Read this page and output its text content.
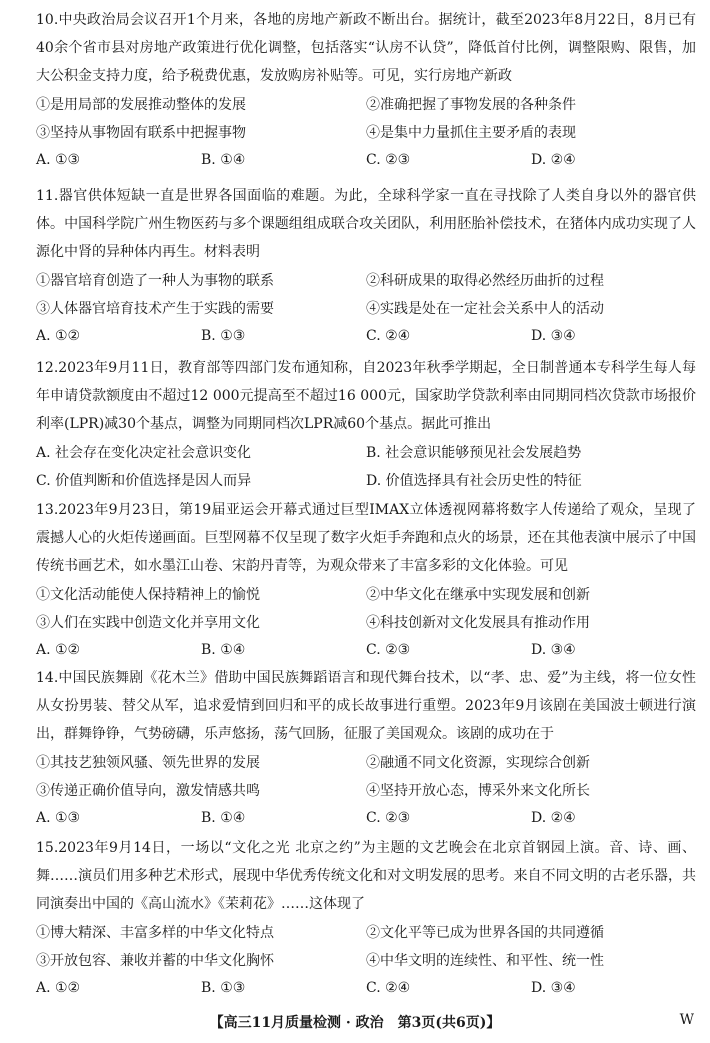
10.中央政治局会议召开1个月来，各地的房地产新政不断出台。据统计，截至2023年8月22日，8月已有40余个省市县对房地产政策进行优化调整，包括落实“认房不认贷”，降低首付比例，调整限购、限售，加大公积金支持力度，给予税费优惠，发放购房补贴等。可见，实行房地产新政
①是用局部的发展推动整体的发展	②准确把握了事物发展的各种条件
③坚持从事物固有联系中把握事物	④是集中力量抓住主要矛盾的表现
A. ①③	B. ①④	C. ②③	D. ②④
11.器官供体短缺一直是世界各国面临的难题。为此，全球科学家一直在寻找除了人类自身以外的器官供体。中国科学院广州生物医药与多个课题组组成联合攻关团队，利用胚胎补偿技术，在猪体内成功实现了人源化中肾的异种体内再生。材料表明
①器官培育创造了一种人为事物的联系	②科研成果的取得必然经历曲折的过程
③人体器官培育技术产生于实践的需要	④实践是处在一定社会关系中人的活动
A. ①②	B. ①③	C. ②④	D. ③④
12.2023年9月11日，教育部等四部门发布通知称，自2023年秋季学期起，全日制普通本专科学生每人每年申请贷款额度由不超过12 000元提高至不超过16 000元，国家助学贷款利率由同期同档次贷款市场报价利率(LPR)减30个基点，调整为同期同档次LPR减60个基点。据此可推出
A. 社会存在变化决定社会意识变化	B. 社会意识能够预见社会发展趋势
C. 价值判断和价值选择是因人而异	D. 价值选择具有社会历史性的特征
13.2023年9月23日，第19届亚运会开幕式通过巨型IMAX立体透视网幕将数字人传递给了观众，呈现了震撼人心的火炬传递画面。巨型网幕不仅呈现了数字火炬手奔跑和点火的场景，还在其他表演中展示了中国传统书画艺术，如水墨江山卷、宋韵丹青等，为观众带来了丰富多彩的文化体验。可见
①文化活动能使人保持精神上的愉悦	②中华文化在继承中实现发展和创新
③人们在实践中创造文化并享用文化	④科技创新对文化发展具有推动作用
A. ①②	B. ①④	C. ②③	D. ③④
14.中国民族舞剧《花木兰》借助中国民族舞蹈语言和现代舞台技术，以“孝、忠、爱”为主线，将一位女性从女扮男装、替父从军，追求爱情到回归和平的成长故事进行重塑。2023年9月该剧在美国波士顿进行演出，群舞铮铮，气势磅礴，乐声悠扬，荡气回肠，征服了美国观众。该剧的成功在于
①其技艺独领风骚、领先世界的发展	②融通不同文化资源，实现综合创新
③传递正确价值导向，激发情感共鸣	④坚持开放心态，博采外来文化所长
A. ①③	B. ①④	C. ②③	D. ②④
15.2023年9月14日，一场以“文化之光 北京之约”为主题的文艺晚会在北京首钢园上演。音、诗、画、舞……演员们用多种艺术形式，展现中华优秀传统文化和对文明发展的思考。来自不同文明的古老乐器，共同演奏出中国的《高山流水》《茉莉花》……这体现了
①博大精深、丰富多样的中华文化特点	②文化平等已成为世界各国的共同遵循
③开放包容、兼收并蓄的中华文化胸怀	④中华文明的连续性、和平性、统一性
A. ①②	B. ①③	C. ②④	D. ③④
【高三11月质量检测 · 政治　第3页(共6页)】	W
